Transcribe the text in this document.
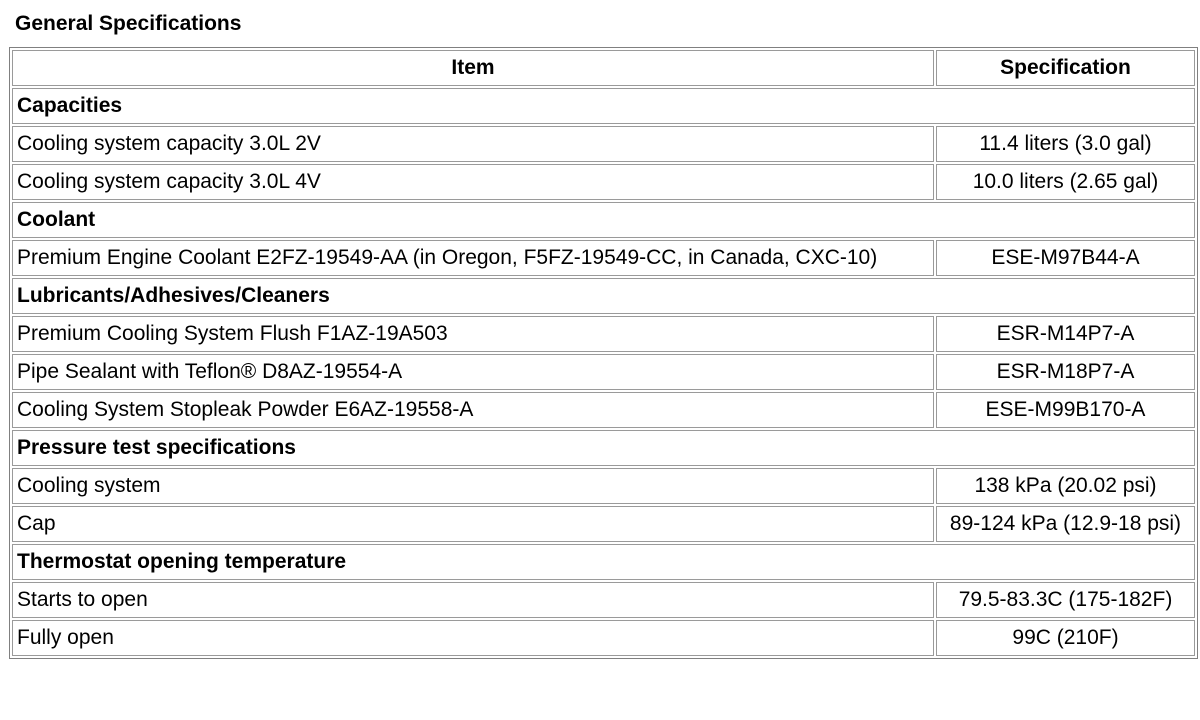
General Specifications
Item	Specification
Capacities	
Cooling system capacity 3.0L 2V	11.4 liters (3.0 gal)
Cooling system capacity 3.0L 4V	10.0 liters (2.65 gal)
Coolant	
Premium Engine Coolant E2FZ-19549-AA (in Oregon, F5FZ-19549-CC, in Canada, CXC-10)	ESE-M97B44-A
Lubricants/Adhesives/Cleaners	
Premium Cooling System Flush F1AZ-19A503	ESR-M14P7-A
Pipe Sealant with Teflon® D8AZ-19554-A	ESR-M18P7-A
Cooling System Stopleak Powder E6AZ-19558-A	ESE-M99B170-A
Pressure test specifications	
Cooling system	138 kPa (20.02 psi)
Cap	89-124 kPa (12.9-18 psi)
Thermostat opening temperature	
Starts to open	79.5-83.3C (175-182F)
Fully open	99C (210F)
